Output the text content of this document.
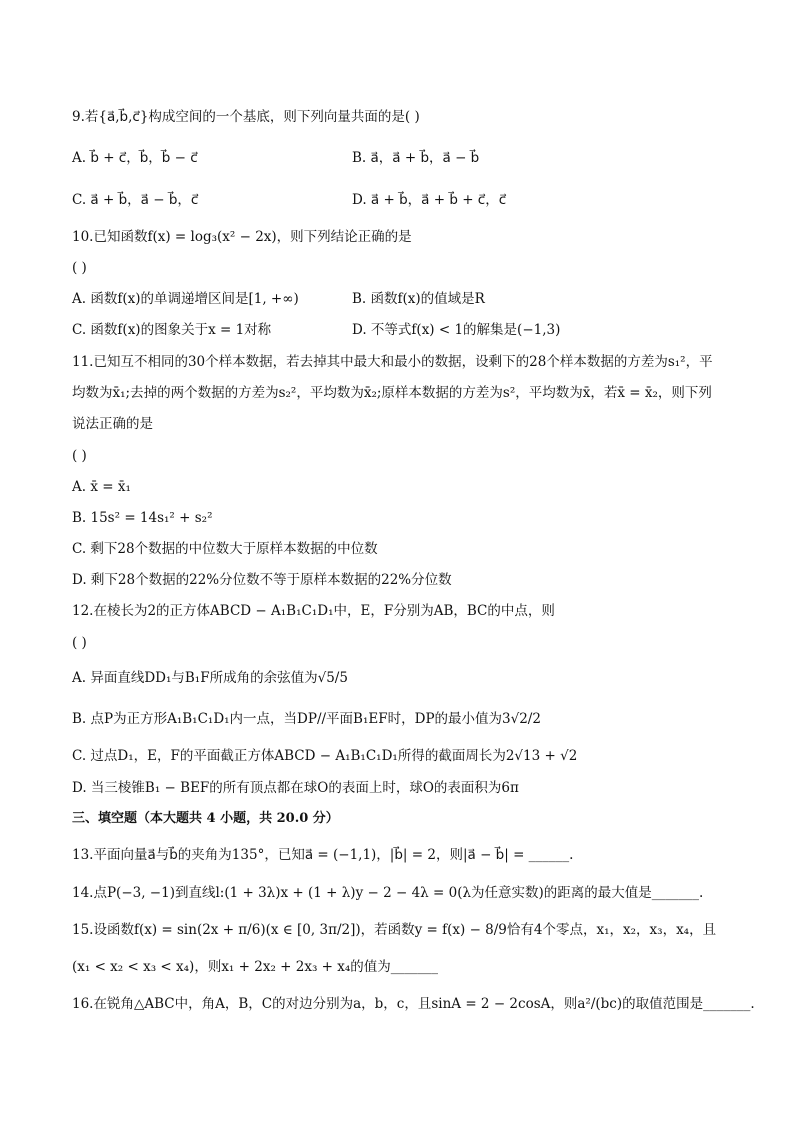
9.若{a⃗,b⃗,c⃗}构成空间的一个基底，则下列向量共面的是( )
A. b⃗ + c⃗，b⃗，b⃗ − c⃗	B. a⃗，a⃗ + b⃗，a⃗ − b⃗
C. a⃗ + b⃗，a⃗ − b⃗，c⃗	D. a⃗ + b⃗，a⃗ + b⃗ + c⃗，c⃗
10.已知函数f(x) = log₃(x² − 2x)，则下列结论正确的是
( )
A. 函数f(x)的单调递增区间是[1, +∞)	B. 函数f(x)的值域是R
C. 函数f(x)的图象关于x = 1对称	D. 不等式f(x) < 1的解集是(−1,3)
11.已知互不相同的30个样本数据，若去掉其中最大和最小的数据，设剩下的28个样本数据的方差为s₁²，平
均数为x̄₁;去掉的两个数据的方差为s₂²，平均数为x̄₂;原样本数据的方差为s²，平均数为x̄，若x̄ = x̄₂，则下列
说法正确的是
( )
A. x̄ = x̄₁
B. 15s² = 14s₁² + s₂²
C. 剩下28个数据的中位数大于原样本数据的中位数
D. 剩下28个数据的22%分位数不等于原样本数据的22%分位数
12.在棱长为2的正方体ABCD − A₁B₁C₁D₁中，E，F分别为AB，BC的中点，则
( )
A. 异面直线DD₁与B₁F所成角的余弦值为√5/5
B. 点P为正方形A₁B₁C₁D₁内一点，当DP//平面B₁EF时，DP的最小值为3√2/2
C. 过点D₁，E，F的平面截正方体ABCD − A₁B₁C₁D₁所得的截面周长为2√13 + √2
D. 当三棱锥B₁ − BEF的所有顶点都在球O的表面上时，球O的表面积为6π
三、填空题（本大题共 4 小题，共 20.0 分）
13.平面向量a⃗与b⃗的夹角为135°，已知a⃗ = (−1,1)，|b⃗| = 2，则|a⃗ − b⃗| = ______.
14.点P(−3, −1)到直线l:(1 + 3λ)x + (1 + λ)y − 2 − 4λ = 0(λ为任意实数)的距离的最大值是_______.
15.设函数f(x) = sin(2x + π/6)(x ∈ [0, 3π/2])，若函数y = f(x) − 8/9恰有4个零点，x₁，x₂，x₃，x₄，且
(x₁ < x₂ < x₃ < x₄)，则x₁ + 2x₂ + 2x₃ + x₄的值为_______
16.在锐角△ABC中，角A，B，C的对边分别为a，b，c，且sinA = 2 − 2cosA，则a²/(bc)的取值范围是_______.
